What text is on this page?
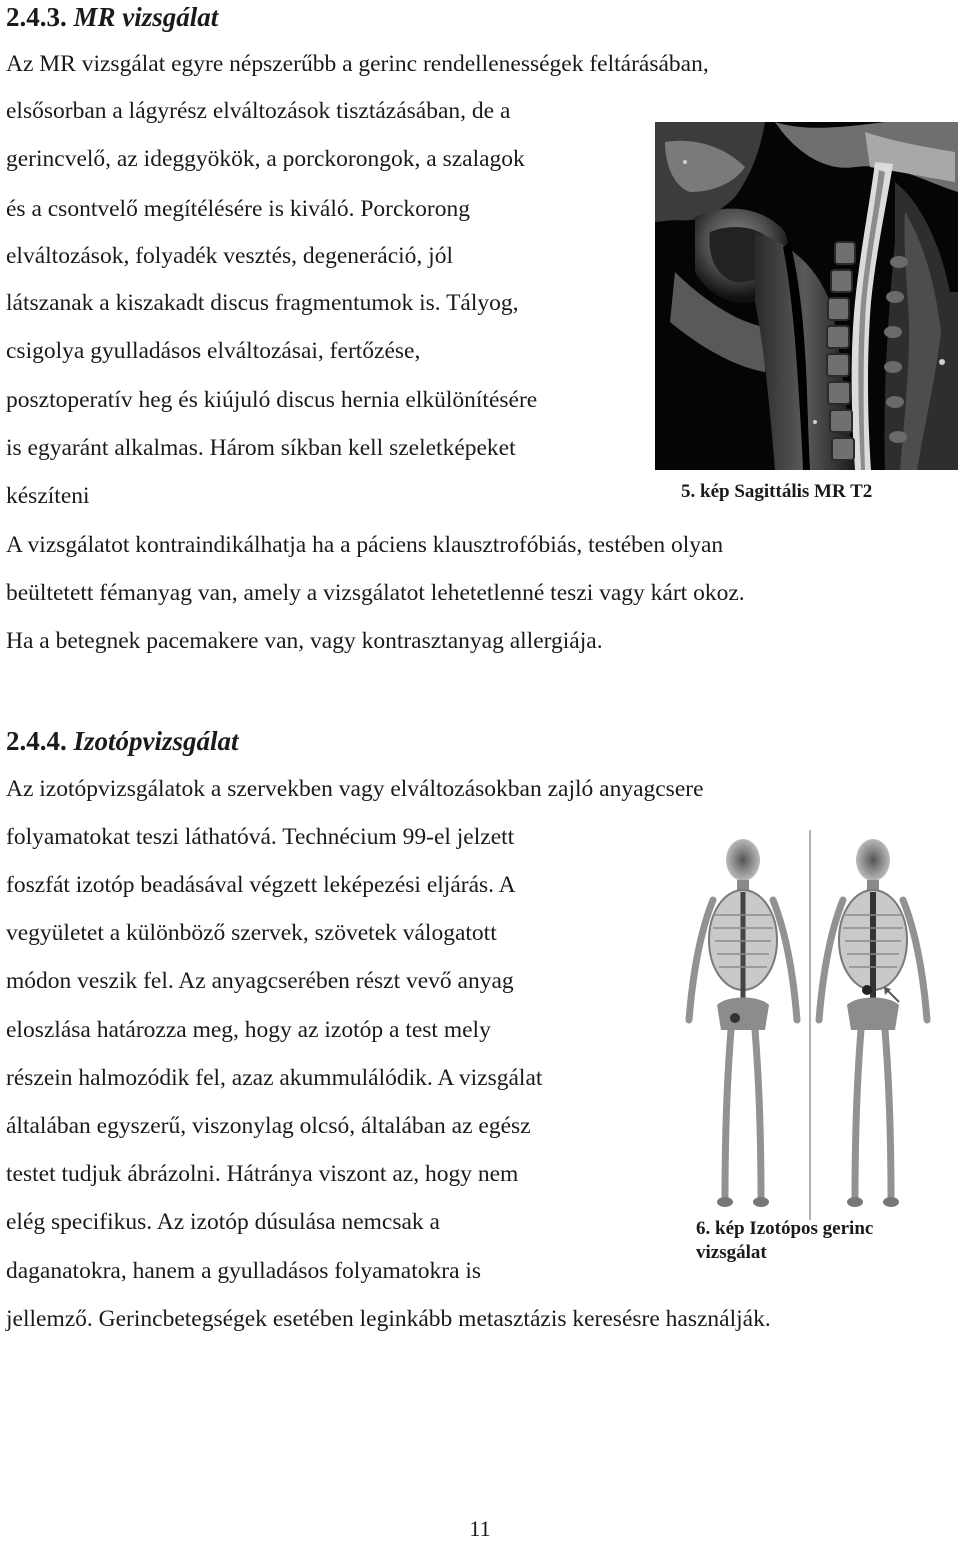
2.4.3. MR vizsgálat
Az MR vizsgálat egyre népszerűbb a gerinc rendellenességek feltárásában,
elsősorban a lágyrész elváltozások tisztázásában, de a
gerincvelő, az ideggyökök, a porckorongok, a szalagok
és a csontvelő megítélésére is kiváló. Porckorong
elváltozások, folyadék vesztés, degeneráció, jól
látszanak a kiszakadt discus fragmentumok is. Tályog,
csigolya gyulladásos elváltozásai, fertőzése,
posztoperatív heg és kiújuló discus hernia elkülönítésére
is egyaránt alkalmas. Három síkban kell szeletképeket
készíteni
A vizsgálatot kontraindikálhatja ha a páciens klausztrofóbiás, testében olyan
beültetett fémanyag van, amely a vizsgálatot lehetetlenné teszi vagy kárt okoz.
Ha a betegnek pacemakere van, vagy kontrasztanyag allergiája.
5. kép Sagittális MR T2
2.4.4. Izotópvizsgálat
Az izotópvizsgálatok a szervekben vagy elváltozásokban zajló anyagcsere
folyamatokat teszi láthatóvá. Technécium 99-el jelzett
foszfát izotóp beadásával végzett leképezési eljárás. A
vegyületet a különböző szervek, szövetek válogatott
módon veszik fel. Az anyagcserében részt vevő anyag
eloszlása határozza meg, hogy az izotóp a test mely
részein halmozódik fel, azaz akummulálódik. A vizsgálat
általában egyszerű, viszonylag olcsó, általában az egész
testet tudjuk ábrázolni. Hátránya viszont az, hogy nem
elég specifikus. Az izotóp dúsulása nemcsak a
daganatokra, hanem a gyulladásos folyamatokra is
jellemző. Gerincbetegségek esetében leginkább metasztázis keresésre használják.
6. kép Izotópos gerinc
vizsgálat
11
